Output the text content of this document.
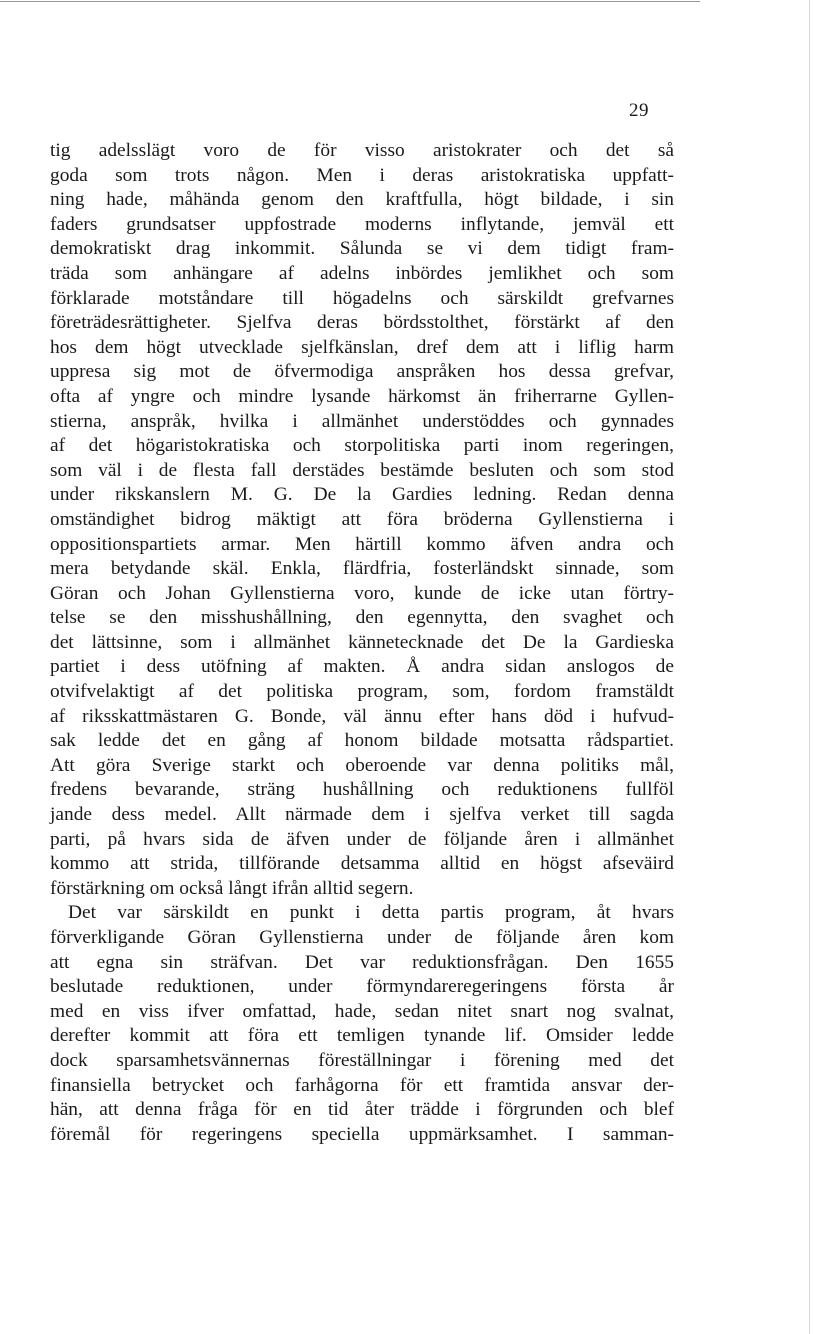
29
tig adelsslägt voro de för visso aristokrater och det så
goda som trots någon. Men i deras aristokratiska uppfatt-
ning hade, måhända genom den kraftfulla, högt bildade, i sin
faders grundsatser uppfostrade moderns inflytande, jemväl ett
demokratiskt drag inkommit. Sålunda se vi dem tidigt fram-
träda som anhängare af adelns inbördes jemlikhet och som
förklarade motståndare till högadelns och särskildt grefvarnes
företrädesrättigheter. Sjelfva deras bördsstolthet, förstärkt af den
hos dem högt utvecklade sjelfkänslan, dref dem att i liflig harm
uppresa sig mot de öfvermodiga anspråken hos dessa grefvar,
ofta af yngre och mindre lysande härkomst än friherrarne Gyllen-
stierna, anspråk, hvilka i allmänhet understöddes och gynnades
af det högaristokratiska och storpolitiska parti inom regeringen,
som väl i de flesta fall derstädes bestämde besluten och som stod
under rikskanslern M. G. De la Gardies ledning. Redan denna
omständighet bidrog mäktigt att föra bröderna Gyllenstierna i
oppositionspartiets armar. Men härtill kommo äfven andra och
mera betydande skäl. Enkla, flärdfria, fosterländskt sinnade, som
Göran och Johan Gyllenstierna voro, kunde de icke utan förtry-
telse se den misshushållning, den egennytta, den svaghet och
det lättsinne, som i allmänhet kännetecknade det De la Gardieska
partiet i dess utöfning af makten. Å andra sidan anslogos de
otvifvelaktigt af det politiska program, som, fordom framstäldt
af riksskattmästaren G. Bonde, väl ännu efter hans död i hufvud-
sak ledde det en gång af honom bildade motsatta rådspartiet.
Att göra Sverige starkt och oberoende var denna politiks mål,
fredens bevarande, sträng hushållning och reduktionens fullföl
jande dess medel. Allt närmade dem i sjelfva verket till sagda
parti, på hvars sida de äfven under de följande åren i allmänhet
kommo att strida, tillförande detsamma alltid en högst afseväird
förstärkning om också långt ifrån alltid segern.
Det var särskildt en punkt i detta partis program, åt hvars
förverkligande Göran Gyllenstierna under de följande åren kom
att egna sin sträfvan. Det var reduktionsfrågan. Den 1655
beslutade reduktionen, under förmyndareregeringens första år
med en viss ifver omfattad, hade, sedan nitet snart nog svalnat,
derefter kommit att föra ett temligen tynande lif. Omsider ledde
dock sparsamhetsvännernas föreställningar i förening med det
finansiella betrycket och farhågorna för ett framtida ansvar der-
hän, att denna fråga för en tid åter trädde i förgrunden och blef
föremål för regeringens speciella uppmärksamhet. I samman-
